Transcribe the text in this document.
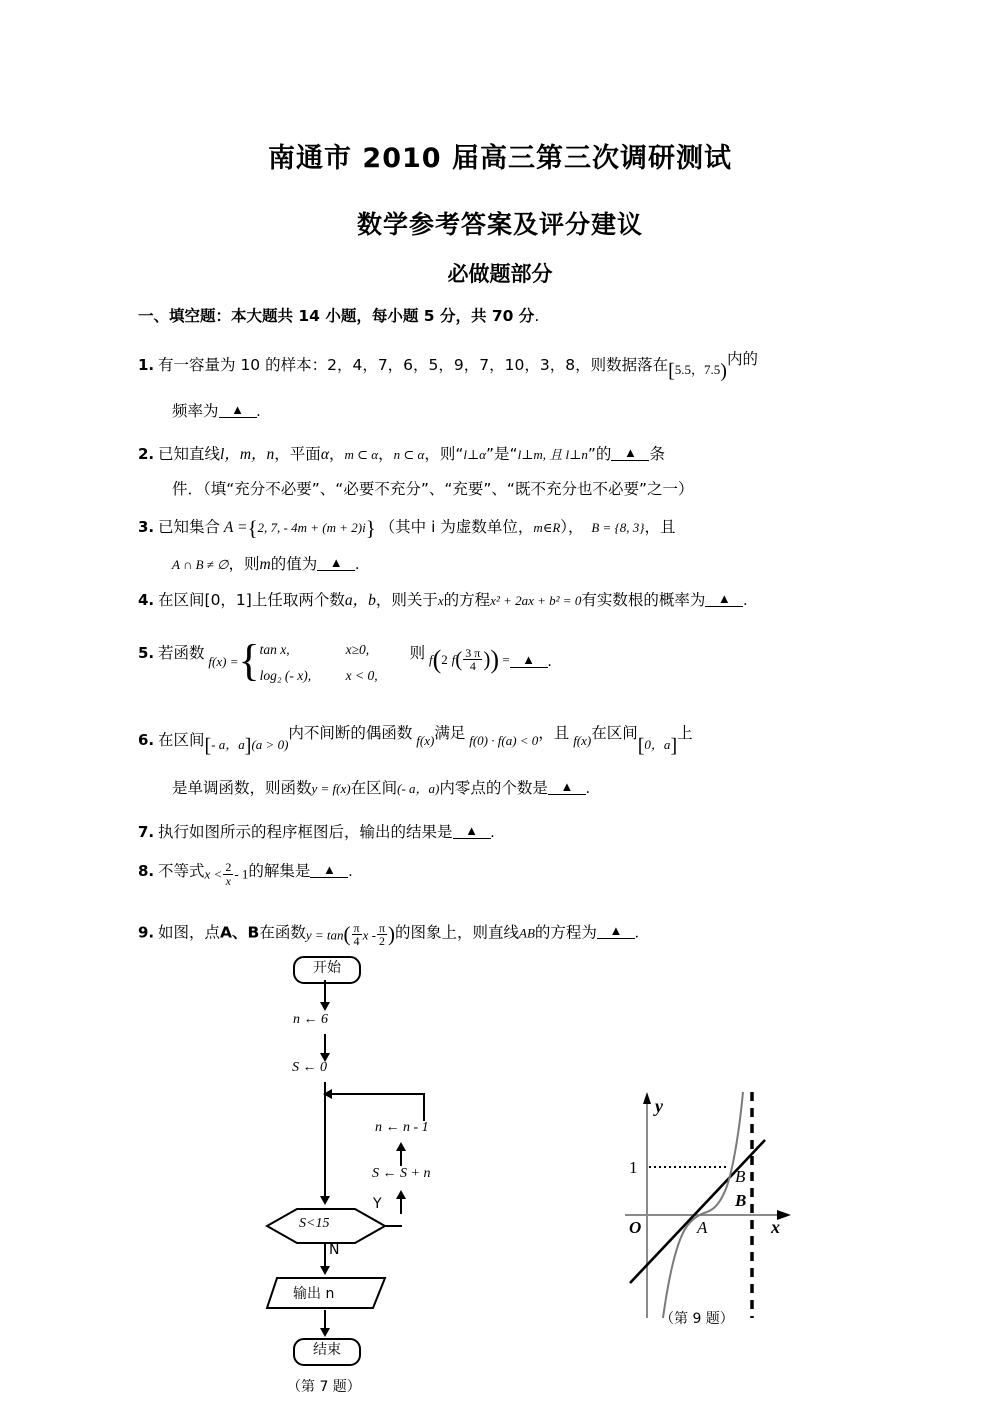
南通市 2010 届高三第三次调研测试
数学参考答案及评分建议
必做题部分
一、填空题：本大题共 14 小题，每小题 5 分，共 70 分.
1. 有一容量为 10 的样本：2，4，7，6，5，9，7，10，3，8，则数据落在[5.5，7.5)内的
频率为 ▲ .
2. 已知直线l，m，n，平面α，m ⊂ α，n ⊂ α，则“l⊥α”是“l⊥m, 且 l⊥n”的 ▲ 条
件．（填“充分不必要”、“必要不充分”、“充要”、“既不充分也不必要”之一）
3. 已知集合 A ={2, 7, - 4m + (m + 2)i} （其中 i 为虚数单位，m∈R）， B = {8, 3}，且
A ∩ B ≠ ∅，则m的值为 ▲ .
4. 在区间[0，1]上任取两个数a，b，则关于x的方程x² + 2ax + b² = 0有实数根的概率为 ▲ .
5. 若函数 f(x) ={ tan x,	x≥0,
log₂ (- x),	x < 0,
则 f(2 $f( \frac{3 \pi}{4}$ )) = ▲ .
6. 在区间[- a，$a]_{(a > 0)}$内不间断的偶函数 f(x)满足 f(0) · f(a) < 0，且 f(x)在区间[0，a]上
是单调函数，则函数y = f(x)在区间(- a，a)内零点的个数是 ▲ .
7. 执行如图所示的程序框图后，输出的结果是 ▲ .
8. 不等式$x < \frac{2}{x} - 1$的解集是 ▲ .
9. 如图，点A、B在函数$y = \tan( \frac{\pi}{4}$ x - $\frac{\pi}{2}$ )的图象上，则直线AB的方程为 ▲ .
开始
n ← 6
S ← 0
n ← n - 1
S ← S + n
Y
S<15
N
输出 n
结束
（第 7 题）
1
y
x
O	A
B
B
（第 9 题）
